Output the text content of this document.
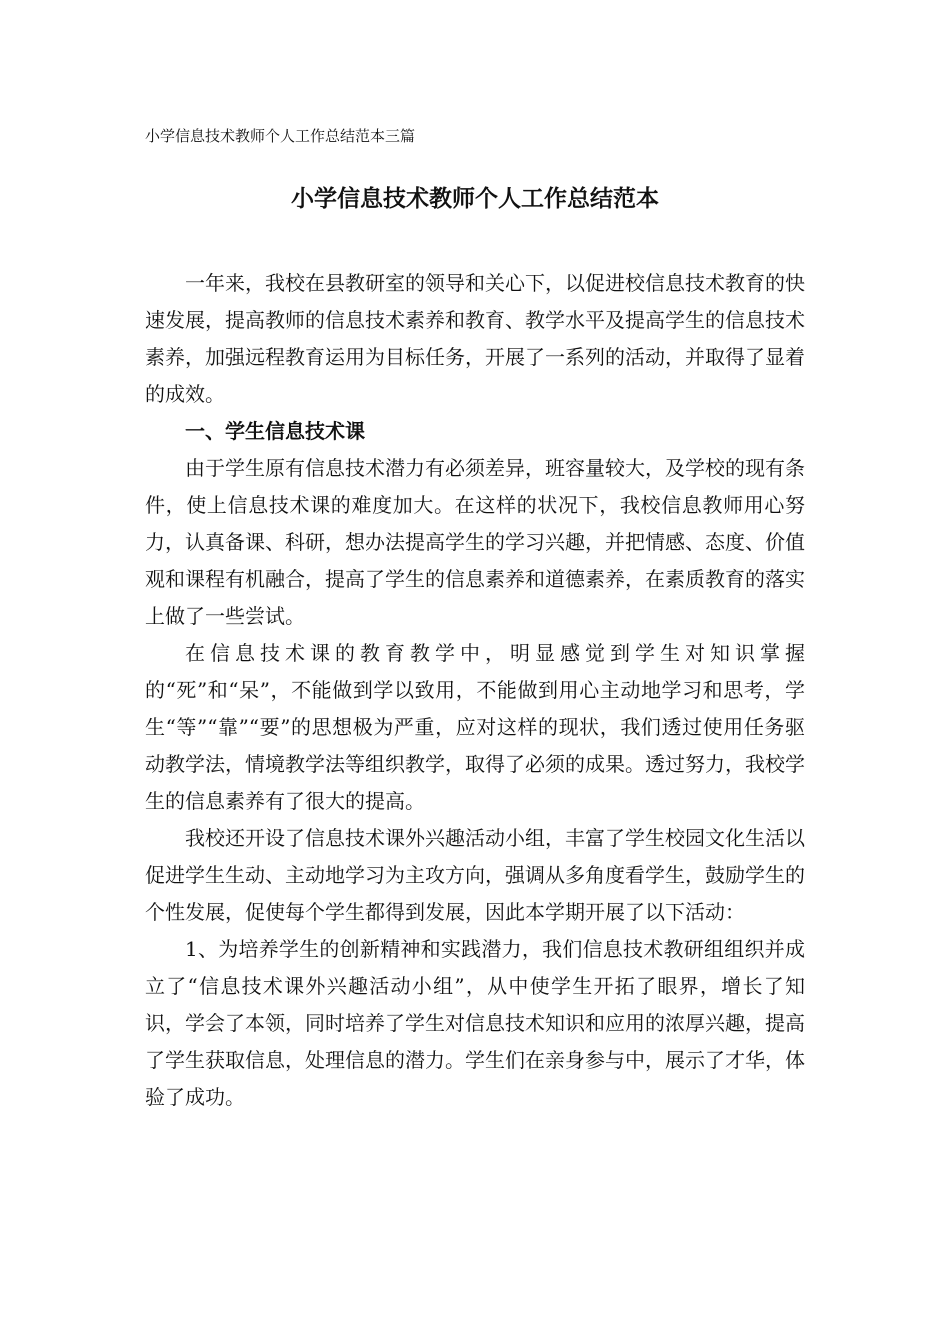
小学信息技术教师个人工作总结范本三篇
小学信息技术教师个人工作总结范本

一年来，我校在县教研室的领导和关心下，以促进校信息技术教育的快速发展，提高教师的信息技术素养和教育、教学水平及提高学生的信息技术素养，加强远程教育运用为目标任务，开展了一系列的活动，并取得了显着的成效。

一、学生信息技术课

由于学生原有信息技术潜力有必须差异，班容量较大，及学校的现有条件，使上信息技术课的难度加大。在这样的状况下，我校信息教师用心努力，认真备课、科研，想办法提高学生的学习兴趣，并把情感、态度、价值观和课程有机融合，提高了学生的信息素养和道德素养，在素质教育的落实上做了一些尝试。

在信息技术课的教育教学中，明显感觉到学生对知识掌握的“死”和“呆”，不能做到学以致用，不能做到用心主动地学习和思考，学生“等”“靠”“要”的思想极为严重，应对这样的现状，我们透过使用任务驱动教学法，情境教学法等组织教学，取得了必须的成果。透过努力，我校学生的信息素养有了很大的提高。

我校还开设了信息技术课外兴趣活动小组，丰富了学生校园文化生活以促进学生生动、主动地学习为主攻方向，强调从多角度看学生，鼓励学生的个性发展，促使每个学生都得到发展，因此本学期开展了以下活动：

1、为培养学生的创新精神和实践潜力，我们信息技术教研组组织并成立了“信息技术课外兴趣活动小组”，从中使学生开拓了眼界，增长了知识，学会了本领，同时培养了学生对信息技术知识和应用的浓厚兴趣，提高了学生获取信息，处理信息的潜力。学生们在亲身参与中，展示了才华，体验了成功。
